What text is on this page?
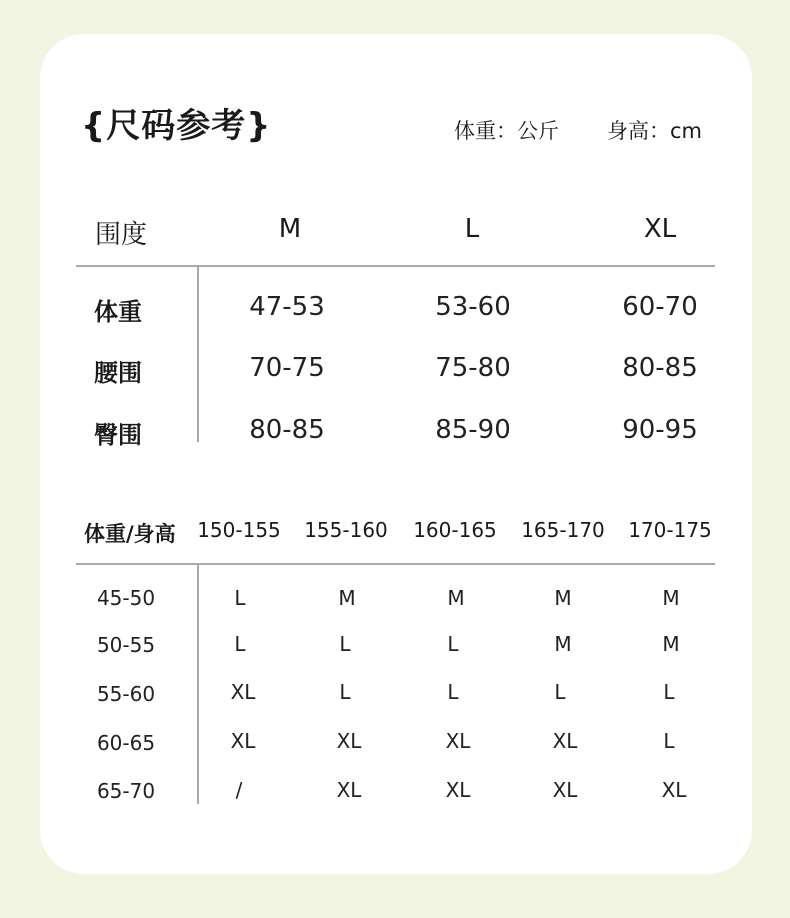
{尺码参考}	体重：公斤 身高：cm
围度	M	L	XL
体重	47-53	53-60	60-70
腰围	70-75	75-80	80-85
臀围	80-85	85-90	90-95
体重/身高 150-155 155-160 160-165 165-170 170-175
45-50	L	M	M	M	M
50-55	L	L	L	M	M
55-60	XL	L	L	L	L
60-65	XL	XL	XL	XL	L
65-70	/	XL	XL	XL	XL
